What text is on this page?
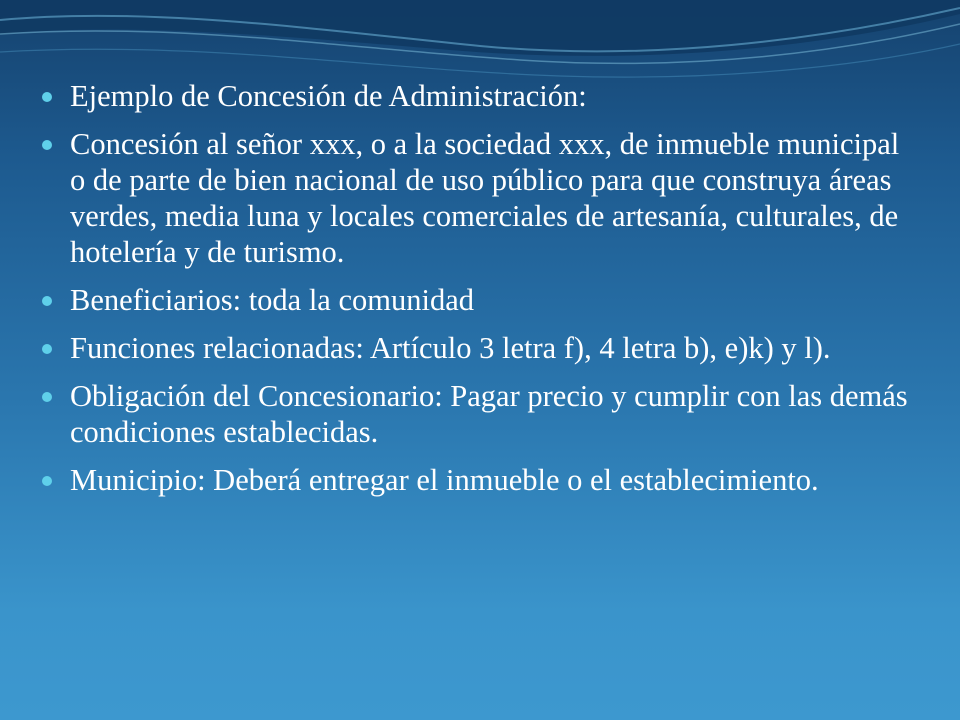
Ejemplo de Concesión de Administración:
Concesión al señor xxx, o a la sociedad xxx, de inmueble municipal o de parte de bien nacional de uso público para que construya áreas verdes, media luna y locales comerciales de artesanía, culturales, de hotelería y de turismo.
Beneficiarios: toda la comunidad
Funciones relacionadas: Artículo 3 letra f), 4 letra b), e)k) y l).
Obligación del Concesionario: Pagar precio y cumplir con las demás condiciones establecidas.
Municipio: Deberá entregar el inmueble o el establecimiento.
